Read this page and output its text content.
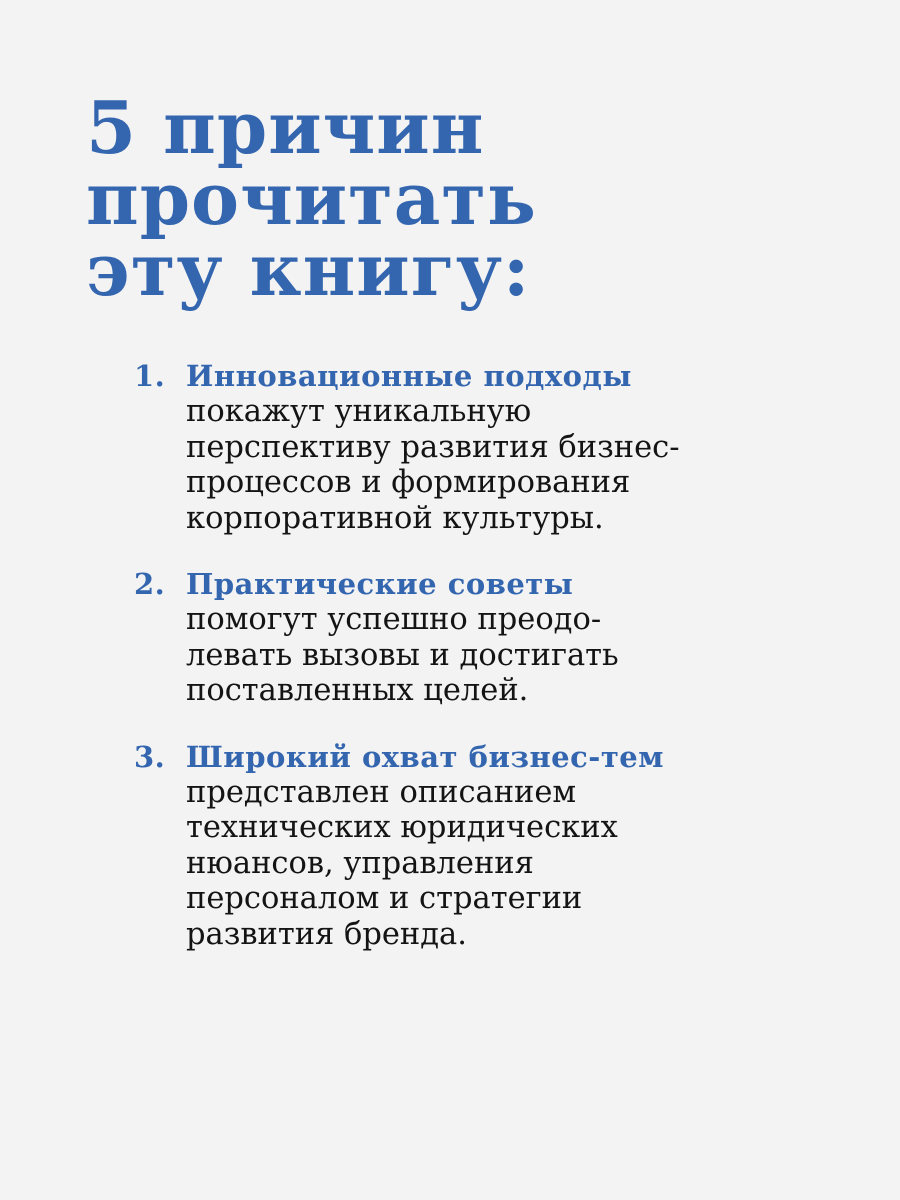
5 причин
прочитать
эту книгу:
1. Инновационные подходы
покажут уникальную
перспективу развития бизнес-
процессов и формирования
корпоративной культуры.
2. Практические советы
помогут успешно преодо-
левать вызовы и достигать
поставленных целей.
3. Широкий охват бизнес-тем
представлен описанием
технических юридических
нюансов, управления
персоналом и стратегии
развития бренда.
